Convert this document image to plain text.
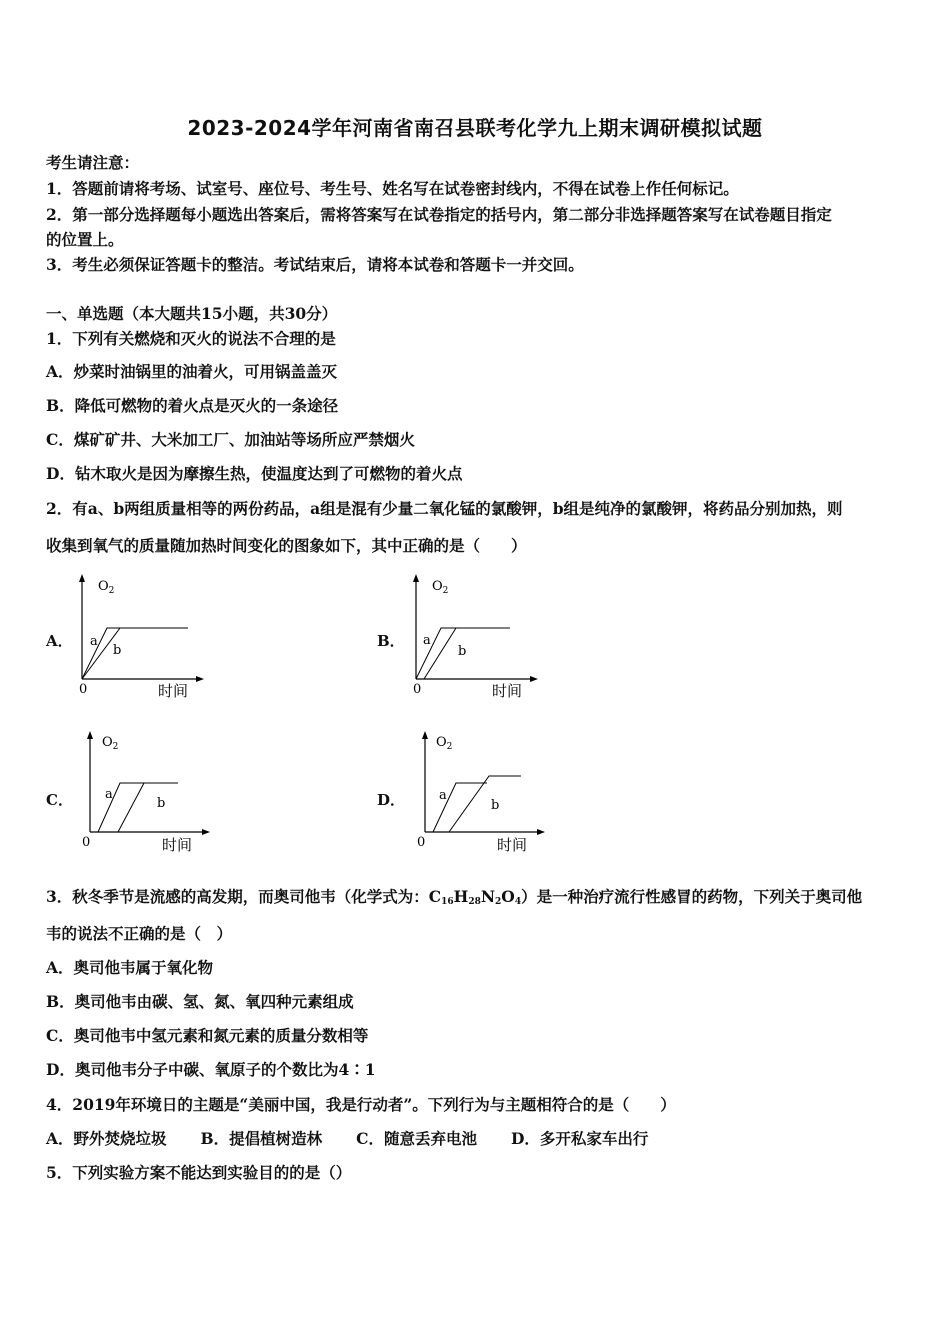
2023-2024学年河南省南召县联考化学九上期末调研模拟试题
考生请注意：
1．答题前请将考场、试室号、座位号、考生号、姓名写在试卷密封线内，不得在试卷上作任何标记。
2．第一部分选择题每小题选出答案后，需将答案写在试卷指定的括号内，第二部分非选择题答案写在试卷题目指定
的位置上。
3．考生必须保证答题卡的整洁。考试结束后，请将本试卷和答题卡一并交回。
一、单选题（本大题共15小题，共30分）
1．下列有关燃烧和灭火的说法不合理的是
A．炒菜时油锅里的油着火，可用锅盖盖灭
B．降低可燃物的着火点是灭火的一条途径
C．煤矿矿井、大米加工厂、加油站等场所应严禁烟火
D．钻木取火是因为摩擦生热，使温度达到了可燃物的着火点
2．有a、b两组质量相等的两份药品，a组是混有少量二氧化锰的氯酸钾，b组是纯净的氯酸钾，将药品分别加热，则
收集到氧气的质量随加热时间变化的图象如下，其中正确的是（　　）
A．
$O_2$
a
b
0	时间
B．
$O_2$
a
b
0	时间
C．
$O_2$
a
b
0	时间
D．
$O_2$
a
b
0	时间
3．秋冬季节是流感的高发期，而奥司他韦（化学式为：$C_{16}H_{28}N_2O_4$）是一种治疗流行性感冒的药物，下列关于奥司他
韦的说法不正确的是（　）
A．奥司他韦属于氧化物
B．奥司他韦由碳、氢、氮、氧四种元素组成
C．奥司他韦中氢元素和氮元素的质量分数相等
D．奥司他韦分子中碳、氧原子的个数比为4∶1
4．2019年环境日的主题是“美丽中国，我是行动者”。下列行为与主题相符合的是（　　）
A．野外焚烧垃圾 B．提倡植树造林 C．随意丢弃电池 D．多开私家车出行
5．下列实验方案不能达到实验目的的是（）
